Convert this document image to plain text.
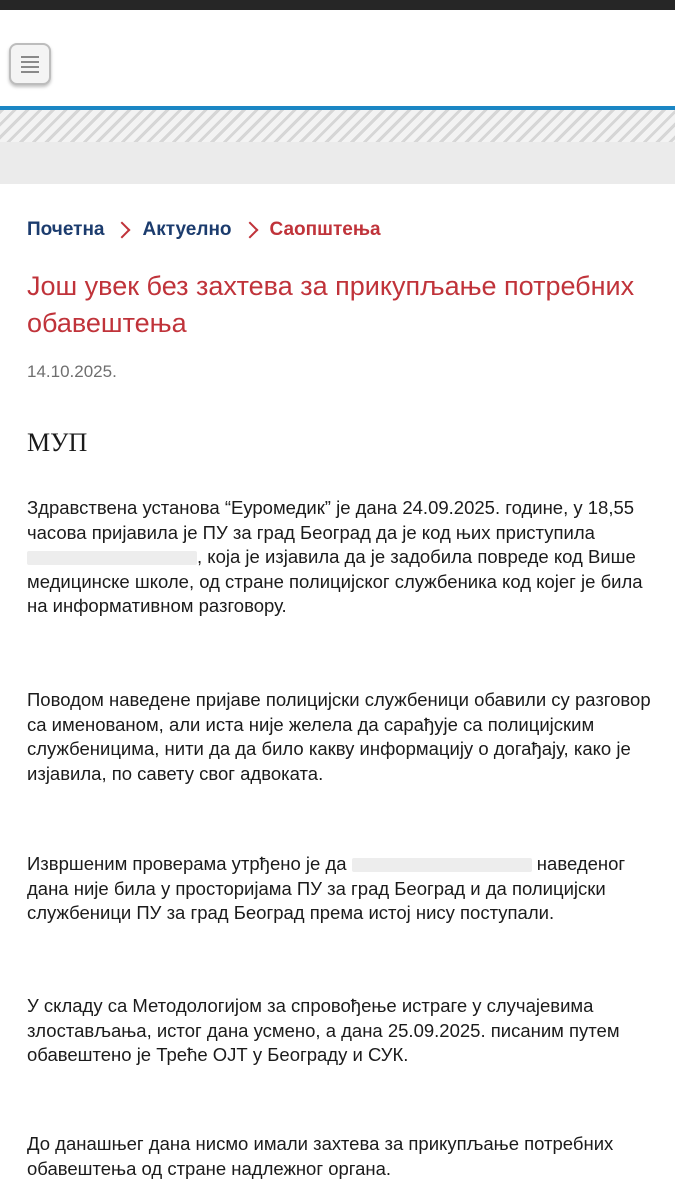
Почетна Актуелно Саопштења
Још увек без захтева за прикупљање потребних обавештења
14.10.2025.
МУП

Здравствена установа “Еуромедик” је дана 24.09.2025. године, у 18,55 часова пријавила је ПУ за град Београд да је код њих приступила , која је изјавила да је задобила повреде код Више медицинске школе, од стране полицијског службеника код којег је била на информативном разговору.

Поводом наведене пријаве полицијски службеници обавили су разговор са именованом, али иста није желела да сарађује са полицијским службеницима, нити да да било какву информацију о догађају, како је изјавила, по савету свог адвоката.

Извршеним проверама утрђено је да	наведеног дана није била у просторијама ПУ за град Београд и да полицијски службеници ПУ за град Београд према истој нису поступали.

У складу са Методологијом за спровођење истраге у случајевима злостављања, истог дана усмено, а дана 25.09.2025. писаним путем обавештено је Треће ОЈТ у Београду и СУК.

До данашњег дана нисмо имали захтева за прикупљање потребних обавештења од стране надлежног органа.
